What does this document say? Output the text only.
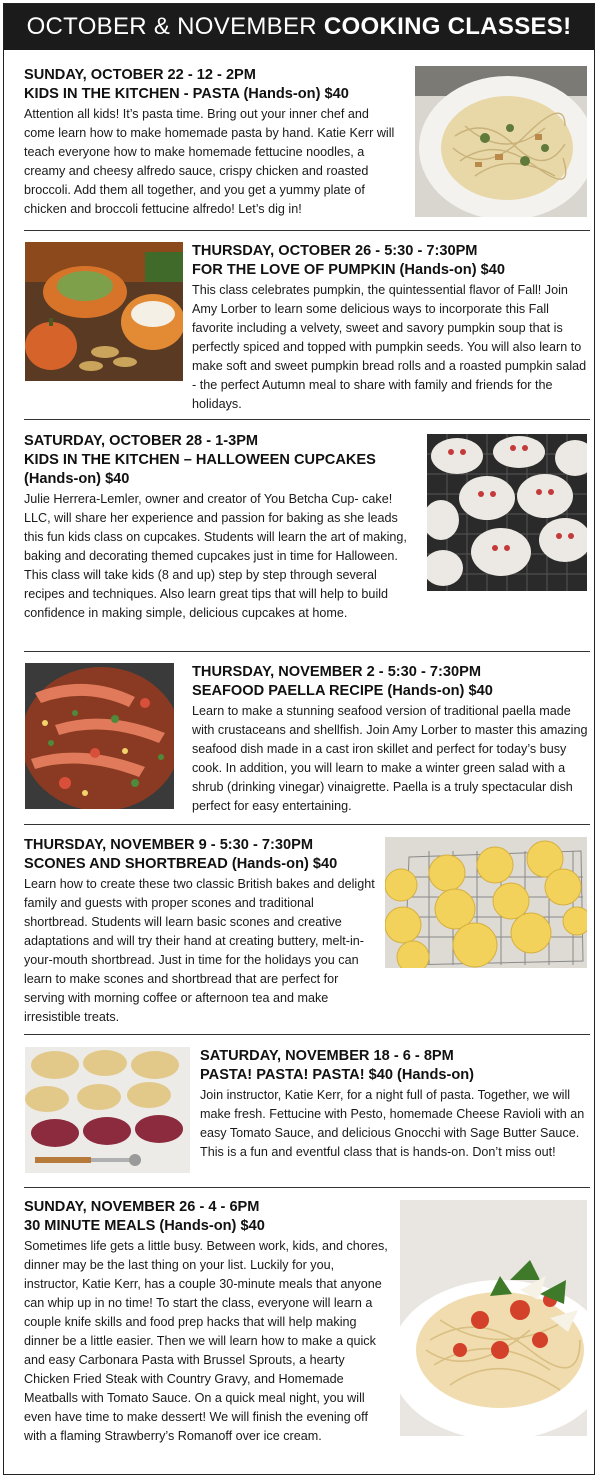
OCTOBER & NOVEMBER COOKING CLASSES!
SUNDAY, OCTOBER 22 - 12 - 2PM
KIDS IN THE KITCHEN - PASTA (Hands-on) $40
Attention all kids! It’s pasta time. Bring out your inner chef and come learn how to make homemade pasta by hand. Katie Kerr will teach everyone how to make homemade fettucine noodles, a creamy and cheesy alfredo sauce, crispy chicken and roasted broccoli. Add them all together, and you get a yummy plate of chicken and broccoli fettucine alfredo! Let’s dig in!
THURSDAY, OCTOBER 26 - 5:30 - 7:30PM
FOR THE LOVE OF PUMPKIN (Hands-on) $40
This class celebrates pumpkin, the quintessential flavor of Fall! Join Amy Lorber to learn some delicious ways to incorporate this Fall favorite including a velvety, sweet and savory pumpkin soup that is perfectly spiced and topped with pumpkin seeds. You will also learn to make soft and sweet pumpkin bread rolls and a roasted pumpkin salad - the perfect Autumn meal to share with family and friends for the holidays.
SATURDAY, OCTOBER 28 - 1-3PM
KIDS IN THE KITCHEN – HALLOWEEN CUPCAKES (Hands-on) $40
Julie Herrera-Lemler, owner and creator of You Betcha Cup- cake! LLC, will share her experience and passion for baking as she leads this fun kids class on cupcakes. Students will learn the art of making, baking and decorating themed cupcakes just in time for Halloween. This class will take kids (8 and up) step by step through several recipes and techniques. Also learn great tips that will help to build confidence in making simple, delicious cupcakes at home.
THURSDAY, NOVEMBER 2 - 5:30 - 7:30PM
SEAFOOD PAELLA RECIPE (Hands-on) $40
Learn to make a stunning seafood version of traditional paella made with crustaceans and shellfish. Join Amy Lorber to master this amazing seafood dish made in a cast iron skillet and perfect for today’s busy cook. In addition, you will learn to make a winter green salad with a shrub (drinking vinegar) vinaigrette. Paella is a truly spectacular dish perfect for easy entertaining.
THURSDAY, NOVEMBER 9 - 5:30 - 7:30PM
SCONES AND SHORTBREAD (Hands-on) $40
Learn how to create these two classic British bakes and delight family and guests with proper scones and traditional shortbread. Students will learn basic scones and creative adaptations and will try their hand at creating buttery, melt-in- your-mouth shortbread. Just in time for the holidays you can learn to make scones and shortbread that are perfect for serving with morning coffee or afternoon tea and make irresistible treats.
SATURDAY, NOVEMBER 18 - 6 - 8PM
PASTA! PASTA! PASTA! $40 (Hands-on)
Join instructor, Katie Kerr, for a night full of pasta. Together, we will make fresh. Fettucine with Pesto, homemade Cheese Ravioli with an easy Tomato Sauce, and delicious Gnocchi with Sage Butter Sauce. This is a fun and eventful class that is hands-on. Don’t miss out!
SUNDAY, NOVEMBER 26 - 4 - 6PM
30 MINUTE MEALS (Hands-on) $40
Sometimes life gets a little busy. Between work, kids, and chores, dinner may be the last thing on your list. Luckily for you, instructor, Katie Kerr, has a couple 30-minute meals that anyone can whip up in no time! To start the class, everyone will learn a couple knife skills and food prep hacks that will help making dinner be a little easier. Then we will learn how to make a quick and easy Carbonara Pasta with Brussel Sprouts, a hearty Chicken Fried Steak with Country Gravy, and Homemade Meatballs with Tomato Sauce. On a quick meal night, you will even have time to make dessert! We will finish the evening off with a flaming Strawberry’s Romanoff over ice cream.
